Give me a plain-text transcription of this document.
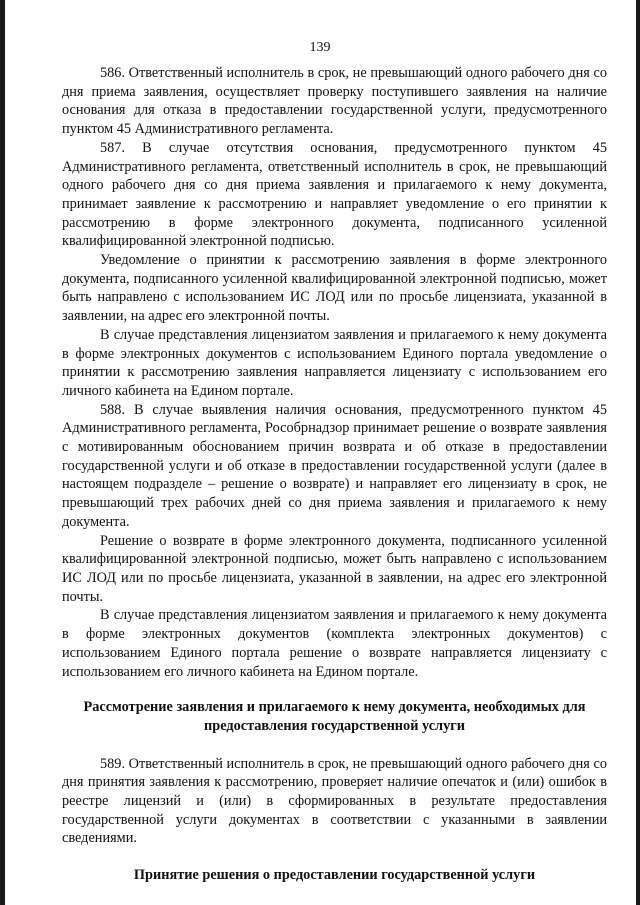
139

586. Ответственный исполнитель в срок, не превышающий одного рабочего дня со дня приема заявления, осуществляет проверку поступившего заявления на наличие основания для отказа в предоставлении государственной услуги, предусмотренного пунктом 45 Административного регламента.

587. В случае отсутствия основания, предусмотренного пунктом 45 Административного регламента, ответственный исполнитель в срок, не превышающий одного рабочего дня со дня приема заявления и прилагаемого к нему документа, принимает заявление к рассмотрению и направляет уведомление о его принятии к рассмотрению в форме электронного документа, подписанного усиленной квалифицированной электронной подписью.

Уведомление о принятии к рассмотрению заявления в форме электронного документа, подписанного усиленной квалифицированной электронной подписью, может быть направлено с использованием ИС ЛОД или по просьбе лицензиата, указанной в заявлении, на адрес его электронной почты.

В случае представления лицензиатом заявления и прилагаемого к нему документа в форме электронных документов с использованием Единого портала уведомление о принятии к рассмотрению заявления направляется лицензиату с использованием его личного кабинета на Едином портале.

588. В случае выявления наличия основания, предусмотренного пунктом 45 Административного регламента, Рособрнадзор принимает решение о возврате заявления с мотивированным обоснованием причин возврата и об отказе в предоставлении государственной услуги и об отказе в предоставлении государственной услуги (далее в настоящем подразделе – решение о возврате) и направляет его лицензиату в срок, не превышающий трех рабочих дней со дня приема заявления и прилагаемого к нему документа.

Решение о возврате в форме электронного документа, подписанного усиленной квалифицированной электронной подписью, может быть направлено с использованием ИС ЛОД или по просьбе лицензиата, указанной в заявлении, на адрес его электронной почты.

В случае представления лицензиатом заявления и прилагаемого к нему документа в форме электронных документов (комплекта электронных документов) с использованием Единого портала решение о возврате направляется лицензиату с использованием его личного кабинета на Едином портале.

Рассмотрение заявления и прилагаемого к нему документа, необходимых для предоставления государственной услуги

589. Ответственный исполнитель в срок, не превышающий одного рабочего дня со дня принятия заявления к рассмотрению, проверяет наличие опечаток и (или) ошибок в реестре лицензий и (или) в сформированных в результате предоставления государственной услуги документах в соответствии с указанными в заявлении сведениями.

Принятие решения о предоставлении государственной услуги
